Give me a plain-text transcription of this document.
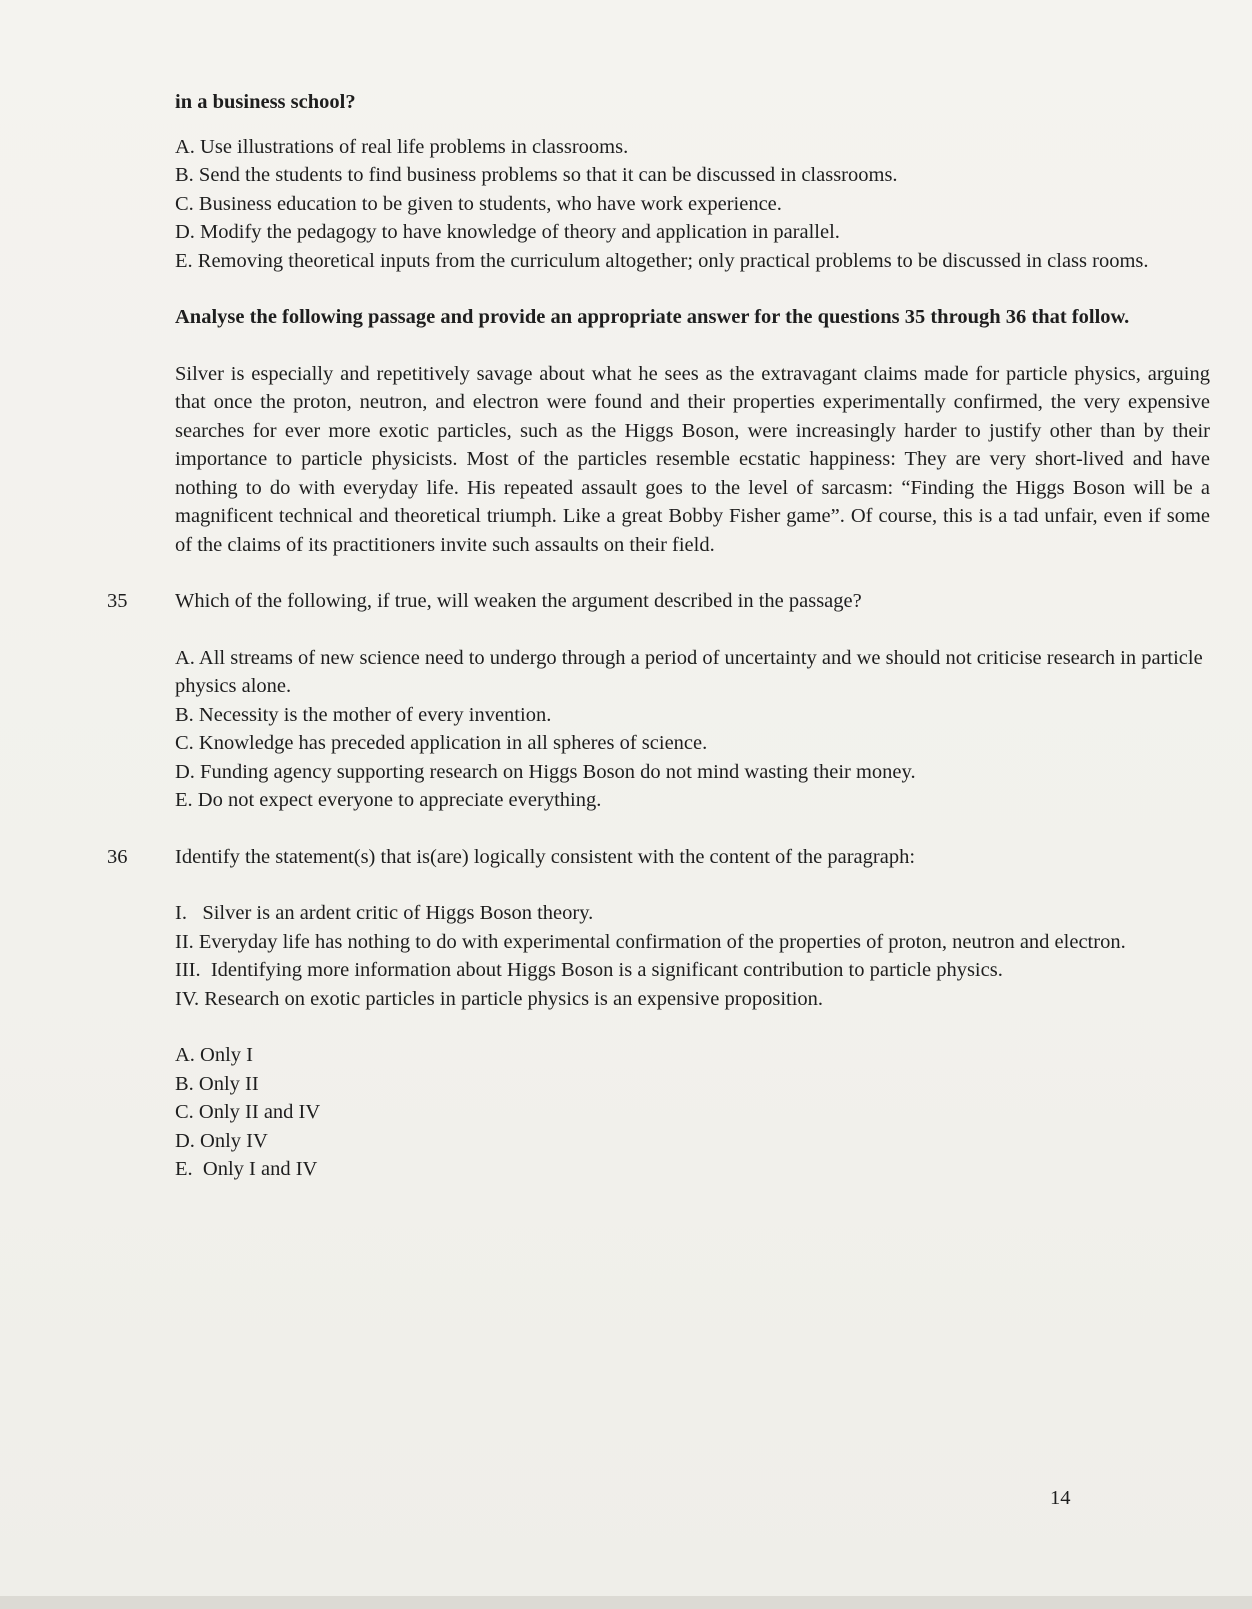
in a business school?

A. Use illustrations of real life problems in classrooms.

B. Send the students to find business problems so that it can be discussed in classrooms.

C. Business education to be given to students, who have work experience.

D. Modify the pedagogy to have knowledge of theory and application in parallel.

E. Removing theoretical inputs from the curriculum altogether; only practical problems to be discussed in class rooms.

Analyse the following passage and provide an appropriate answer for the questions 35 through 36 that follow.

Silver is especially and repetitively savage about what he sees as the extravagant claims made for particle physics, arguing that once the proton, neutron, and electron were found and their properties experimentally confirmed, the very expensive searches for ever more exotic particles, such as the Higgs Boson, were increasingly harder to justify other than by their importance to particle physicists. Most of the particles resemble ecstatic happiness: They are very short-lived and have nothing to do with everyday life. His repeated assault goes to the level of sarcasm: “Finding the Higgs Boson will be a magnificent technical and theoretical triumph. Like a great Bobby Fisher game”. Of course, this is a tad unfair, even if some of the claims of its practitioners invite such assaults on their field.

35 Which of the following, if true, will weaken the argument described in the passage?

A. All streams of new science need to undergo through a period of uncertainty and we should not criticise research in particle physics alone.

B. Necessity is the mother of every invention.

C. Knowledge has preceded application in all spheres of science.

D. Funding agency supporting research on Higgs Boson do not mind wasting their money.

E. Do not expect everyone to appreciate everything.

36 Identify the statement(s) that is(are) logically consistent with the content of the paragraph:

I.   Silver is an ardent critic of Higgs Boson theory.

II. Everyday life has nothing to do with experimental confirmation of the properties of proton, neutron and electron.

III.  Identifying more information about Higgs Boson is a significant contribution to particle physics.

IV. Research on exotic particles in particle physics is an expensive proposition.

A. Only I

B. Only II

C. Only II and IV

D. Only IV

E.  Only I and IV

14
